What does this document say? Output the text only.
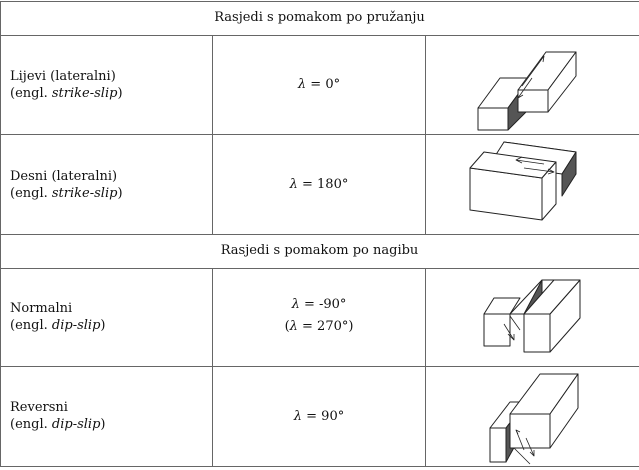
Rasjedi s pomakom po pružanju
Rasjedi s pomakom po nagibu
Lijevi (lateralni)
(engl. strike-slip)
λ = 0°
Desni (lateralni)
(engl. strike-slip)
λ = 180°
Normalni
(engl. dip-slip)
λ = -90°
(λ = 270°)
Reversni
(engl. dip-slip)
λ = 90°
